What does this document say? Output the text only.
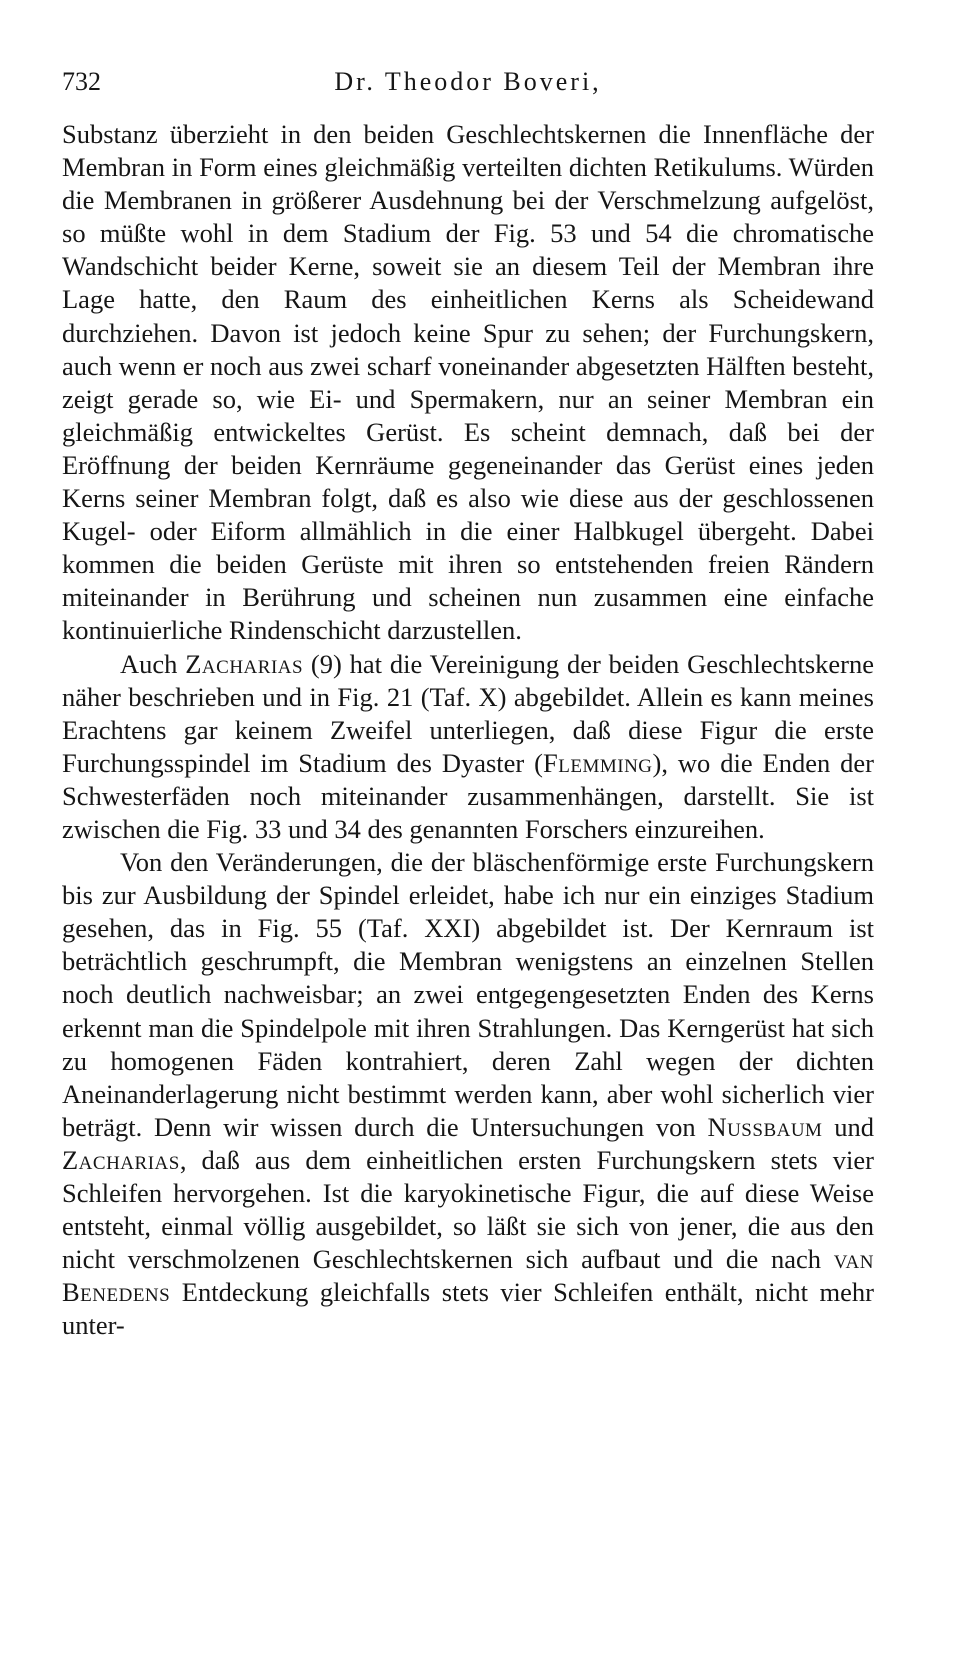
732	Dr. Theodor Boveri,

Substanz überzieht in den beiden Geschlechtskernen die Innenfläche der Membran in Form eines gleichmäßig verteilten dichten Retikulums. Würden die Membranen in größerer Ausdehnung bei der Verschmelzung aufgelöst, so müßte wohl in dem Stadium der Fig. 53 und 54 die chromatische Wandschicht beider Kerne, soweit sie an diesem Teil der Membran ihre Lage hatte, den Raum des einheitlichen Kerns als Scheidewand durchziehen. Davon ist jedoch keine Spur zu sehen; der Furchungskern, auch wenn er noch aus zwei scharf voneinander abgesetzten Hälften besteht, zeigt gerade so, wie Ei- und Spermakern, nur an seiner Membran ein gleichmäßig entwickeltes Gerüst. Es scheint demnach, daß bei der Eröffnung der beiden Kernräume gegeneinander das Gerüst eines jeden Kerns seiner Membran folgt, daß es also wie diese aus der geschlossenen Kugel- oder Eiform allmählich in die einer Halbkugel übergeht. Dabei kommen die beiden Gerüste mit ihren so entstehenden freien Rändern miteinander in Berührung und scheinen nun zusammen eine einfache kontinuierliche Rindenschicht darzustellen.

Auch Zacharias (9) hat die Vereinigung der beiden Geschlechtskerne näher beschrieben und in Fig. 21 (Taf. X) abgebildet. Allein es kann meines Erachtens gar keinem Zweifel unterliegen, daß diese Figur die erste Furchungsspindel im Stadium des Dyaster (Flemming), wo die Enden der Schwesterfäden noch miteinander zusammenhängen, darstellt. Sie ist zwischen die Fig. 33 und 34 des genannten Forschers einzureihen.

Von den Veränderungen, die der bläschenförmige erste Furchungskern bis zur Ausbildung der Spindel erleidet, habe ich nur ein einziges Stadium gesehen, das in Fig. 55 (Taf. XXI) abgebildet ist. Der Kernraum ist beträchtlich geschrumpft, die Membran wenigstens an einzelnen Stellen noch deutlich nachweisbar; an zwei entgegengesetzten Enden des Kerns erkennt man die Spindelpole mit ihren Strahlungen. Das Kerngerüst hat sich zu homogenen Fäden kontrahiert, deren Zahl wegen der dichten Aneinanderlagerung nicht bestimmt werden kann, aber wohl sicherlich vier beträgt. Denn wir wissen durch die Untersuchungen von Nussbaum und Zacharias, daß aus dem einheitlichen ersten Furchungskern stets vier Schleifen hervorgehen. Ist die karyokinetische Figur, die auf diese Weise entsteht, einmal völlig ausgebildet, so läßt sie sich von jener, die aus den nicht verschmolzenen Geschlechtskernen sich aufbaut und die nach van Benedens Entdeckung gleichfalls stets vier Schleifen enthält, nicht mehr unter-
